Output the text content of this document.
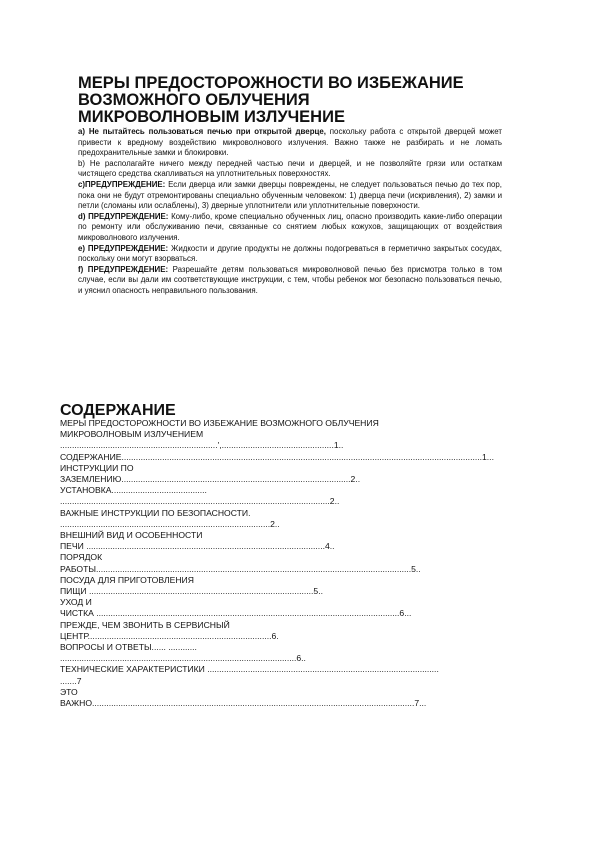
МЕРЫ ПРЕДОСТОРОЖНОСТИ ВО ИЗБЕЖАНИЕ
ВОЗМОЖНОГО ОБЛУЧЕНИЯ
МИКРОВОЛНОВЫМ ИЗЛУЧЕНИЕ

a) Не пытайтесь пользоваться печью при открытой дверце, поскольку работа с открытой дверцей может привести к вредному воздействию микроволнового излучения. Важно также не разбирать и не ломать предохранительные замки и блокировки.

b) Не располагайте ничего между передней частью печи и дверцей, и не позволяйте грязи или остаткам чистящего средства скапливаться на уплотнительных поверхностях.

c)ПРЕДУПРЕЖДЕНИЕ: Если дверца или замки дверцы повреждены, не следует пользоваться печью до тех пор, пока они не будут отремонтированы специально обученным человеком: 1) дверца печи (искривления), 2) замки и петли (сломаны или ослаблены), 3) дверные уплотнители или уплотнительные поверхности.

d) ПРЕДУПРЕЖДЕНИЕ: Кому-либо, кроме специально обученных лиц, опасно производить какие-либо операции по ремонту или обслуживанию печи, связанные со снятием любых кожухов, защищающих от воздействия микроволнового излучения.

e) ПРЕДУПРЕЖДЕНИЕ: Жидкости и другие продукты не должны подогреваться в герметично закрытых сосудах, поскольку они могут взорваться.

f) ПРЕДУПРЕЖДЕНИЕ: Разрешайте детям пользоваться микроволновой печью без присмотра только в том случае, если вы дали им соответствующие инструкции, с тем, чтобы ребенок мог безопасно пользоваться печью, и уяснил опасность неправильного пользования.

СОДЕРЖАНИЕ
МЕРЫ ПРЕДОСТОРОЖНОСТИ ВО ИЗБЕЖАНИЕ ВОЗМОЖНОГО ОБЛУЧЕНИЯ
МИКРОВОЛНОВЫМ ИЗЛУЧЕНИЕМ
..................................................................',...............................................1..
СОДЕРЖАНИЕ.......................................................................................................................................................1...
ИНСТРУКЦИИ ПО
ЗАЗЕМЛЕНИЮ................................................................................................2..
УСТАНОВКА........................................
.................................................................................................................2..
ВАЖНЫЕ ИНСТРУКЦИИ ПО БЕЗОПАСНОСТИ.
........................................................................................2..
ВНЕШНИЙ ВИД И ОСОБЕННОСТИ
ПЕЧИ ....................................................................................................4..
ПОРЯДОК
РАБОТЫ....................................................................................................................................5..
ПОСУДА ДЛЯ ПРИГОТОВЛЕНИЯ
ПИЩИ ..............................................................................................5..
УХОД И
ЧИСТКА ...............................................................................................................................6...
ПРЕЖДЕ, ЧЕМ ЗВОНИТЬ В СЕРВИСНЫЙ
ЦЕНТР.............................................................................6.
ВОПРОСЫ И ОТВЕТЫ...... ............
...................................................................................................6..
ТЕХНИЧЕСКИЕ ХАРАКТЕРИСТИКИ .................................................................................................
.......7
ЭТО
ВАЖНО.......................................................................................................................................7...
